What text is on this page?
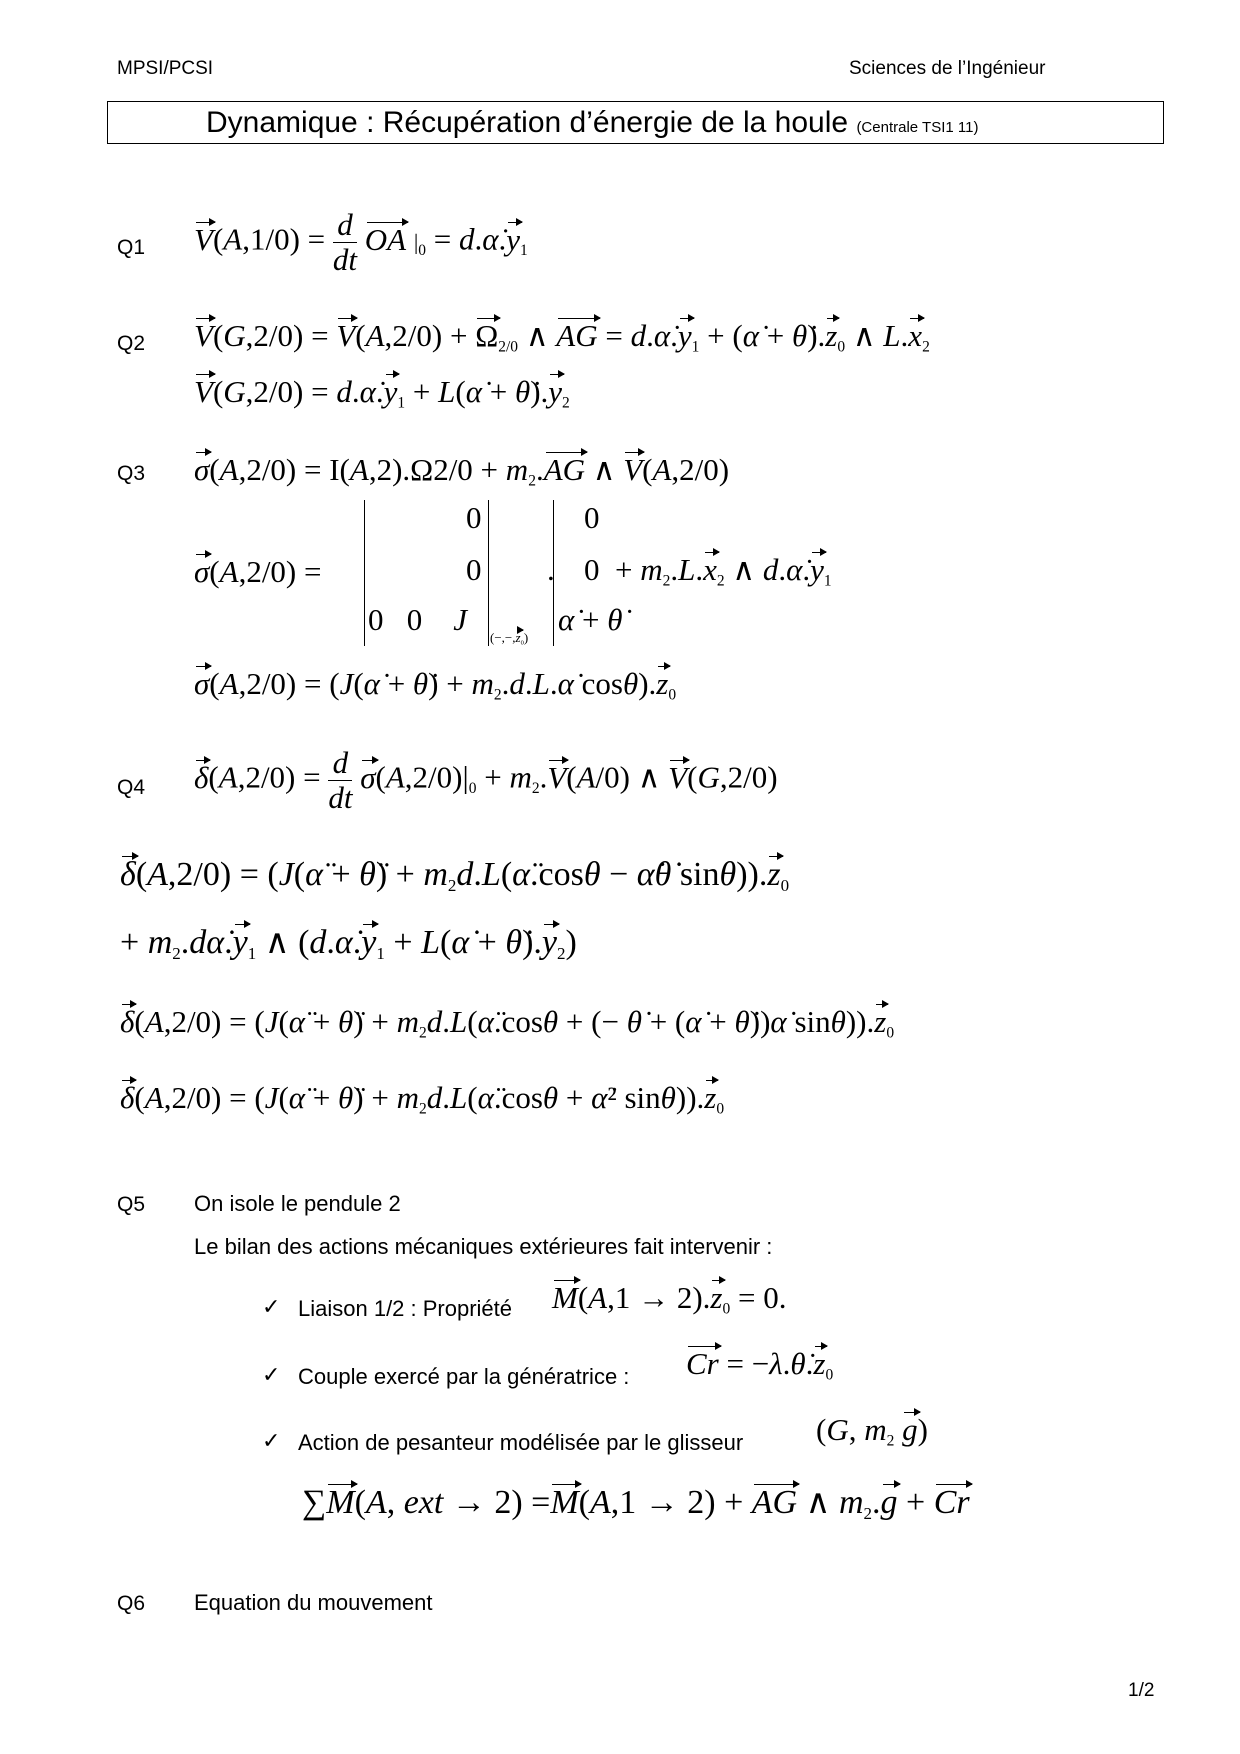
MPSI/PCSI	Sciences de l’Ingénieur
Dynamique : Récupération d’énergie de la houle (Centrale TSI1 11)
Q1 $V(A,1/0) = \frac{d}{dt}$ OA $|_0$ = $d.\alphȧ.y_1$
Q2 $V(G,2/0) = V(A,2/0) + \Omega_{2/0}$ ∧ AG = $d.\alphȧ.y_1$ + (α̇ + $\thetȧ).z_0$ ∧ $L.x_2$
$V(G,2/0) = d.\alphȧ.y_1$ + L(α̇ + $\thetȧ).y_2$
Q3 $\sigma(A,2/0) = I(A,2).\Omega 2/0 + m_2.AG$ ∧ V(A,2/0)
σ(A,2/0) =
0
0
0   0    J
$(-,-,z_0)$
.
0
$0 + m_2.L.x_2$ ∧ $d.\alphȧ.y_1$
α̇ + θ̇
σ(A,2/0) = (J(α̇ + θ̇) + $m_2.d.L.\alphȧ$ $\cos\theta).z_0$
Q4 $\delta(A,2/0) = \frac{d}{dt} \sigma(A,2/0)|_0 + m_2.V(A/0)$ ∧ V(G,2/0)
δ(A,2/0) = (J(α̈ + θ̈) + $m_2d.L(\alphä.\cos\theta$ − α̇θ̇ $\sin\theta)).z_0$
+ $m_2.d\alphȧ.y_1$ ∧ ($d.\alphȧ.y_1$ + L(α̇ + $\thetȧ).y_2$)
δ(A,2/0) = (J(α̈ + θ̈) + $m_2d.L(\alphä.\cos\theta$ + (− θ̇ + (α̇ + θ̇))α̇ $\sin\theta)).z_0$
δ(A,2/0) = (J(α̈ + θ̈) + $m_2d.L(\alphä.\cos\theta$ + α̇² $\sin\theta)).z_0$
Q5 On isole le pendule 2
Le bilan des actions mécaniques extérieures fait intervenir :
✓ Liaison 1/2 : Propriété $M(A,1 \to 2).z_0 = 0$.
✓ Couple exercé par la génératrice : $Cr = -\lambda.\thetȧ.z_0$
✓ Action de pesanteur modélisée par le glisseur (G, $m_2$ g)
∑M(A, ext → 2) =M(A,1 → 2) + AG ∧ $m_2.g + Cr$
Q6 Equation du mouvement
1/2
